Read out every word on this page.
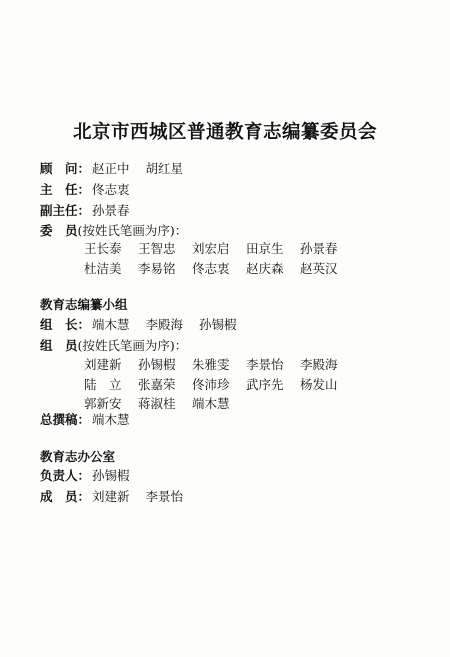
北京市西城区普通教育志编纂委员会
顾　问： 赵正中 胡红星
主　任： 佟志衷
副主任： 孙景春
委　员(按姓氏笔画为序)：
王长泰 王智忠 刘宏启 田京生 孙景春
杜洁美 李易铭 佟志衷 赵庆森 赵英汉
教育志编纂小组
组　长： 端木慧 李殿海 孙锡椵
组　员(按姓氏笔画为序)：
刘建新 孙锡椵 朱雅雯 李景怡 李殿海
陆　立 张嘉荣 佟沛珍 武序先 杨发山
郭新安 蒋淑桂 端木慧
总撰稿： 端木慧
教育志办公室
负责人： 孙锡椵
成　员： 刘建新 李景怡
